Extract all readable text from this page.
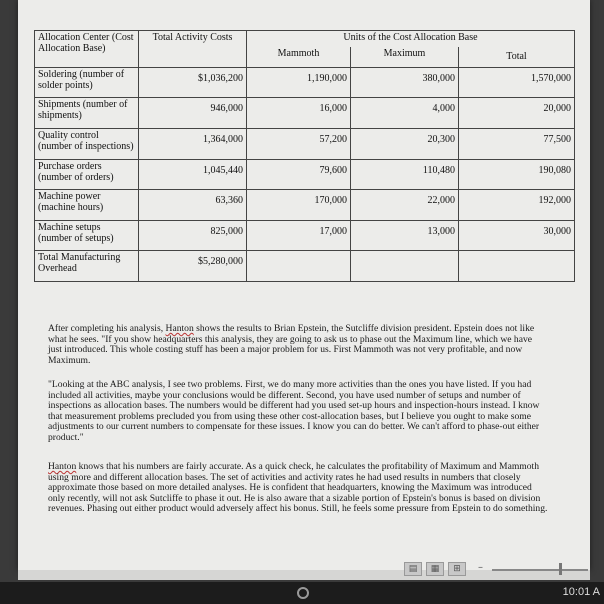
Allocation Center (Cost Allocation Base)	Total Activity Costs	Units of the Cost Allocation Base		
		Mammoth	Maximum	Total
Soldering (number of solder points)	$1,036,200	1,190,000	380,000	1,570,000
Shipments (number of shipments)	946,000	16,000	4,000	20,000
Quality control (number of inspections)	1,364,000	57,200	20,300	77,500
Purchase orders (number of orders)	1,045,440	79,600	110,480	190,080
Machine power (machine hours)	63,360	170,000	22,000	192,000
Machine setups (number of setups)	825,000	17,000	13,000	30,000
Total Manufacturing Overhead	$5,280,000			

After completing his analysis, Hanton shows the results to Brian Epstein, the Sutcliffe division president. Epstein does not like what he sees. "If you show headquarters this analysis, they are going to ask us to phase out the Maximum line, which we have just introduced. This whole costing stuff has been a major problem for us. First Mammoth was not very profitable, and now Maximum.

"Looking at the ABC analysis, I see two problems. First, we do many more activities than the ones you have listed. If you had included all activities, maybe your conclusions would be different. Second, you have used number of setups and number of inspections as allocation bases. The numbers would be different had you used set-up hours and inspection-hours instead. I know that measurement problems precluded you from using these other cost-allocation bases, but I believe you ought to make some adjustments to our current numbers to compensate for these issues. I know you can do better. We can't afford to phase-out either product."

Hanton knows that his numbers are fairly accurate. As a quick check, he calculates the profitability of Maximum and Mammoth using more and different allocation bases. The set of activities and activity rates he had used results in numbers that closely approximate those based on more detailed analyses. He is confident that headquarters, knowing the Maximum was introduced only recently, will not ask Sutcliffe to phase it out. He is also aware that a sizable portion of Epstein's bonus is based on division revenues. Phasing out either product would adversely affect his bonus. Still, he feels some pressure from Epstein to do something.

▤	▦	⊞	–
10:01 A
